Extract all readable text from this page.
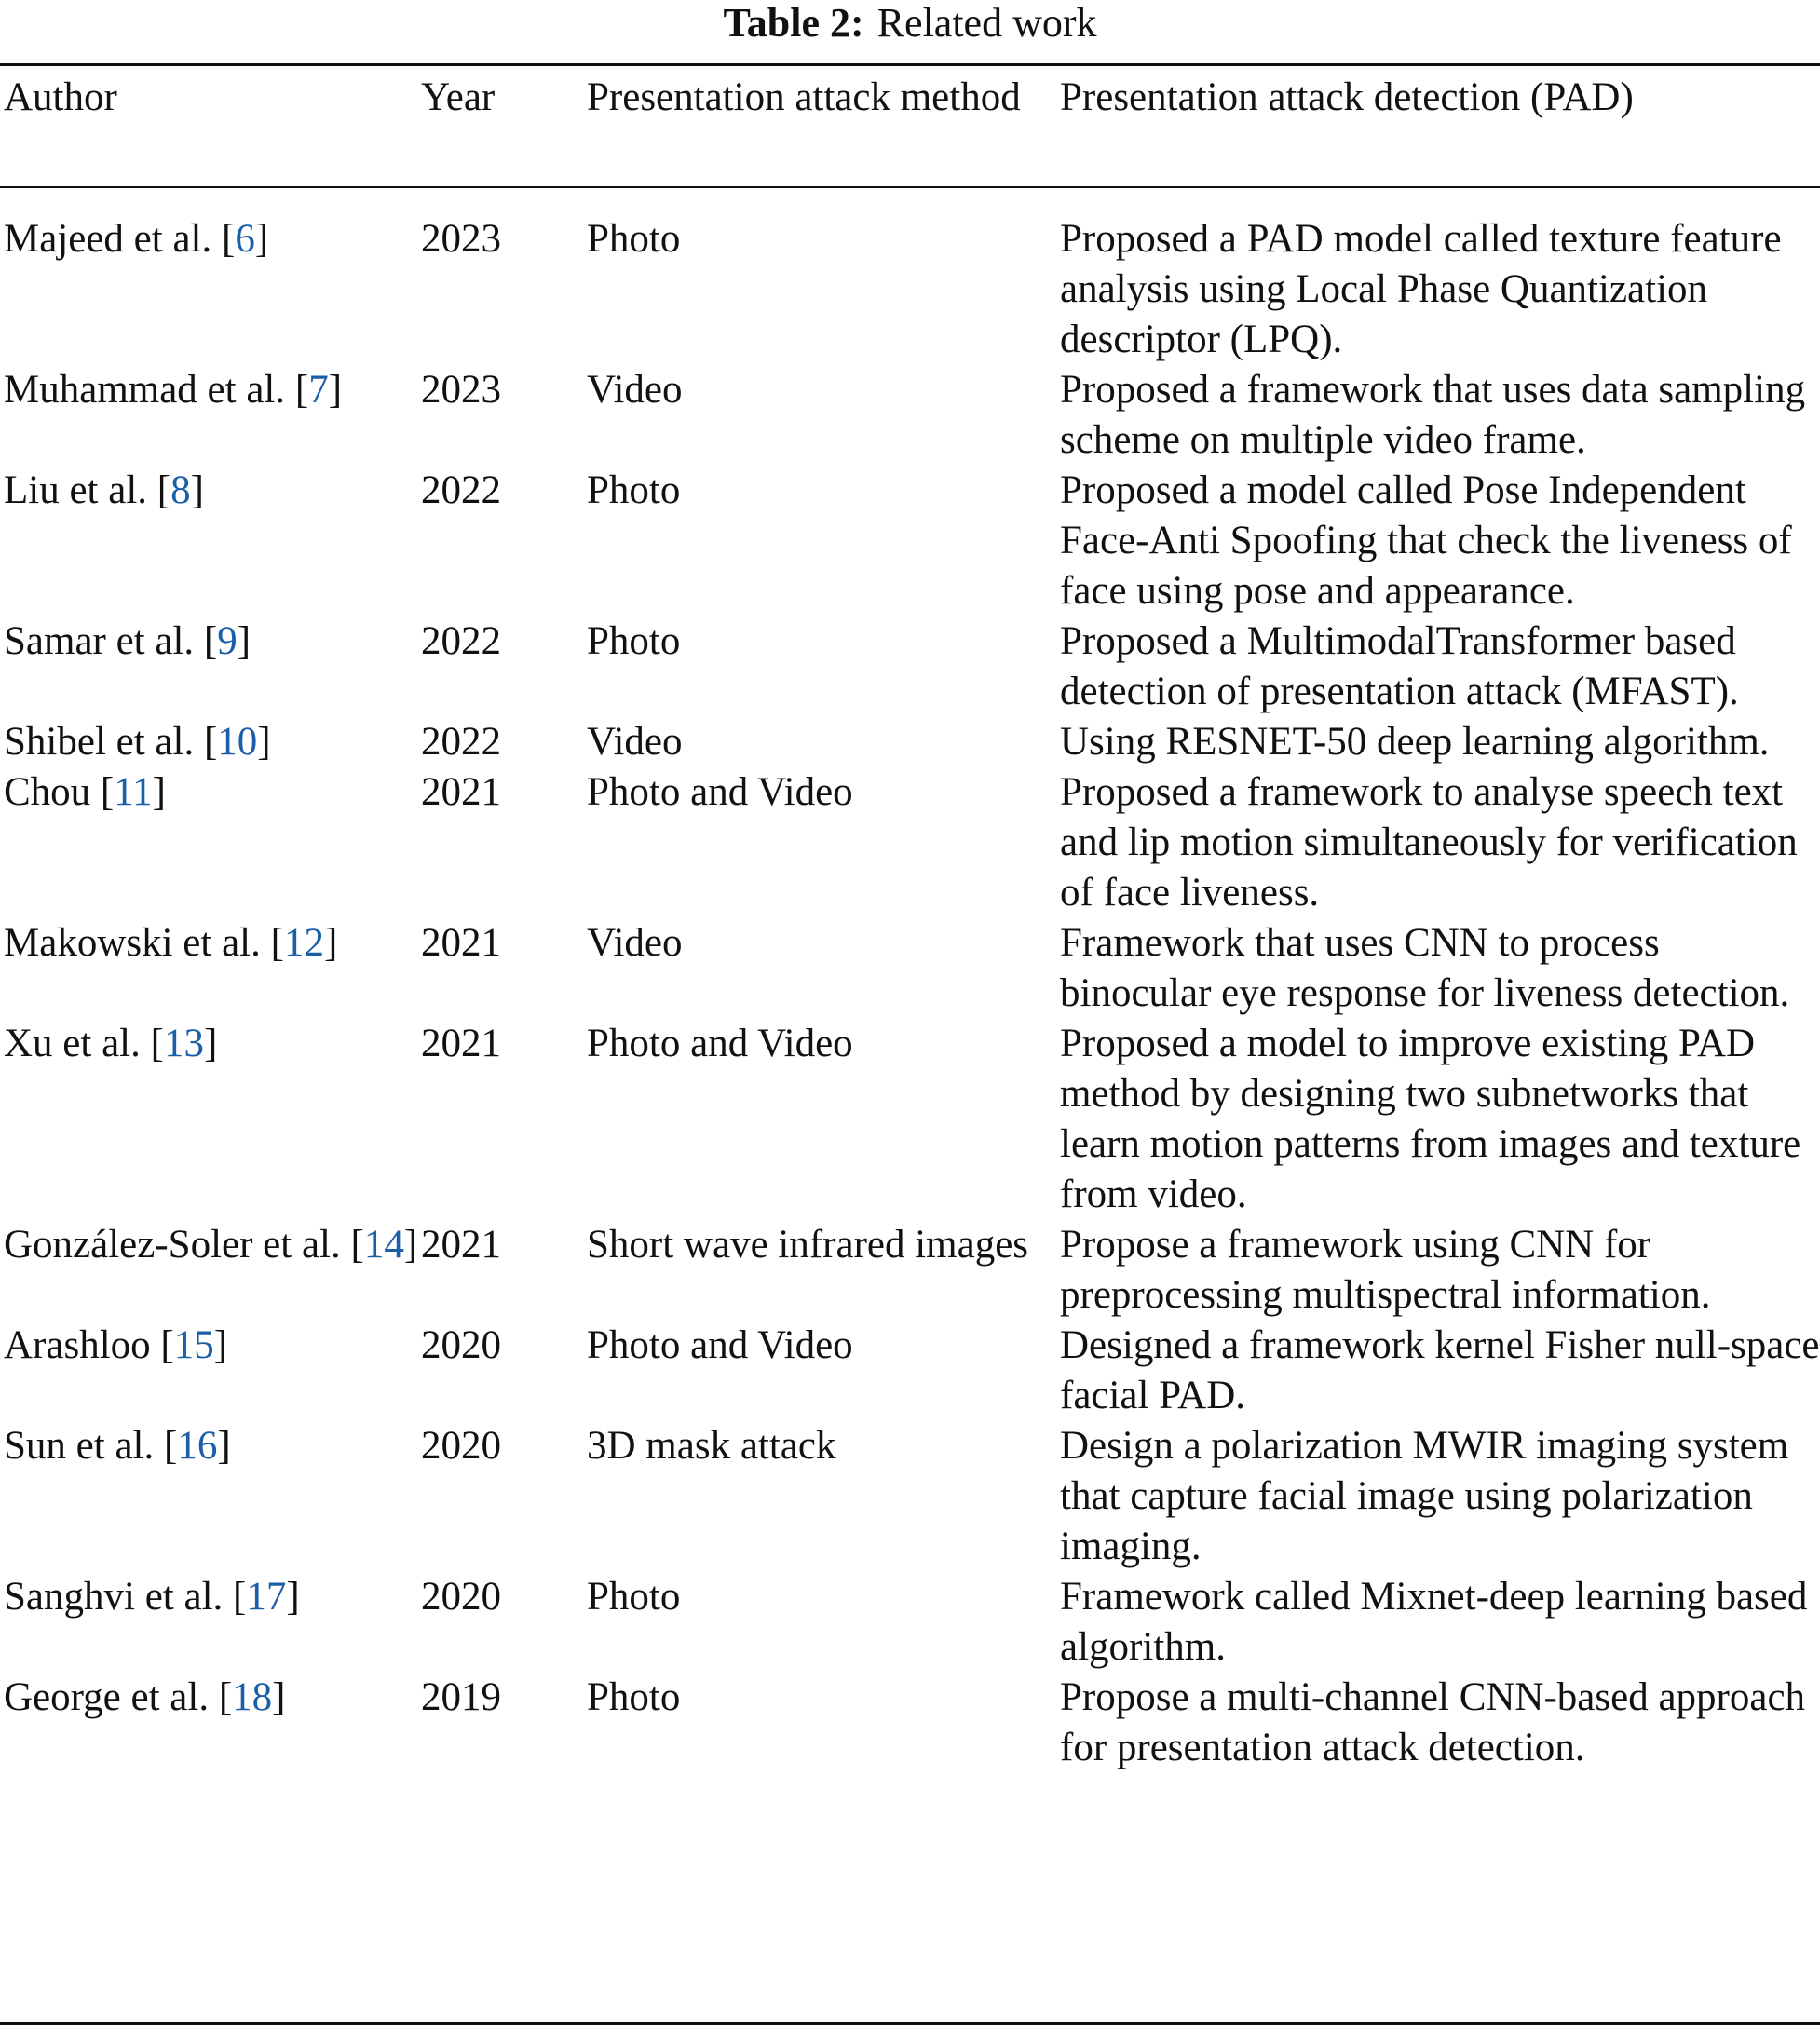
Table 2: Related work
Author	Year	Presentation attack method	Presentation attack detection (PAD)

Majeed et al. [6]	2023	Photo	Proposed a PAD model called texture feature analysis using Local Phase Quantization descriptor (LPQ).
Muhammad et al. [7]	2023	Video	Proposed a framework that uses data sampling scheme on multiple video frame.
Liu et al. [8]	2022	Photo	Proposed a model called Pose Independent Face-Anti Spoofing that check the liveness of face using pose and appearance.
Samar et al. [9]	2022	Photo	Proposed a MultimodalTransformer based detection of presentation attack (MFAST).
Shibel et al. [10]	2022	Video	Using RESNET-50 deep learning algorithm.
Chou [11]	2021	Photo and Video	Proposed a framework to analyse speech text and lip motion simultaneously for verification of face liveness.
Makowski et al. [12]	2021	Video	Framework that uses CNN to process binocular eye response for liveness detection.
Xu et al. [13]	2021	Photo and Video	Proposed a model to improve existing PAD method by designing two subnetworks that learn motion patterns from images and texture from video.
González-Soler et al. [14]	2021	Short wave infrared images	Propose a framework using CNN for preprocessing multispectral information.
Arashloo [15]	2020	Photo and Video	Designed a framework kernel Fisher null-space facial PAD.
Sun et al. [16]	2020	3D mask attack	Design a polarization MWIR imaging system that capture facial image using polarization imaging.
Sanghvi et al. [17]	2020	Photo	Framework called Mixnet-deep learning based algorithm.
George et al. [18]	2019	Photo	Propose a multi-channel CNN-based approach for presentation attack detection.
